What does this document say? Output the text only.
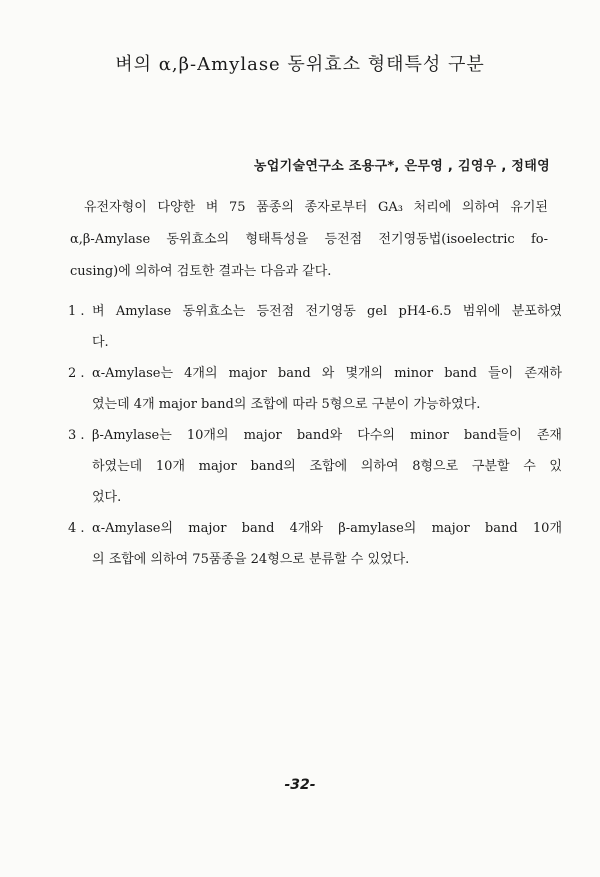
벼의 α,β-Amylase 동위효소 형태특성 구분
농업기술연구소 조용구*, 은무영 , 김영우 , 정태영
유전자형이 다양한 벼 75 품종의 종자로부터 GA₃ 처리에 의하여 유기된
α,β-Amylase 동위효소의 형태특성을 등전점 전기영동법(isoelectric fo-
cusing)에 의하여 검토한 결과는 다음과 같다.
1 . 벼 Amylase 동위효소는 등전점 전기영동 gel pH4-6.5 범위에 분포하였
다.
2 . α-Amylase는 4개의 major band 와 몇개의 minor band 들이 존재하
였는데 4개 major band의 조합에 따라 5형으로 구분이 가능하였다.
3 . β-Amylase는 10개의 major band와 다수의 minor band들이 존재
하였는데 10개 major band의 조합에 의하여 8형으로 구분할 수 있
었다.
4 . α-Amylase의 major band 4개와 β-amylase의 major band 10개
의 조합에 의하여 75품종을 24형으로 분류할 수 있었다.
-32-
